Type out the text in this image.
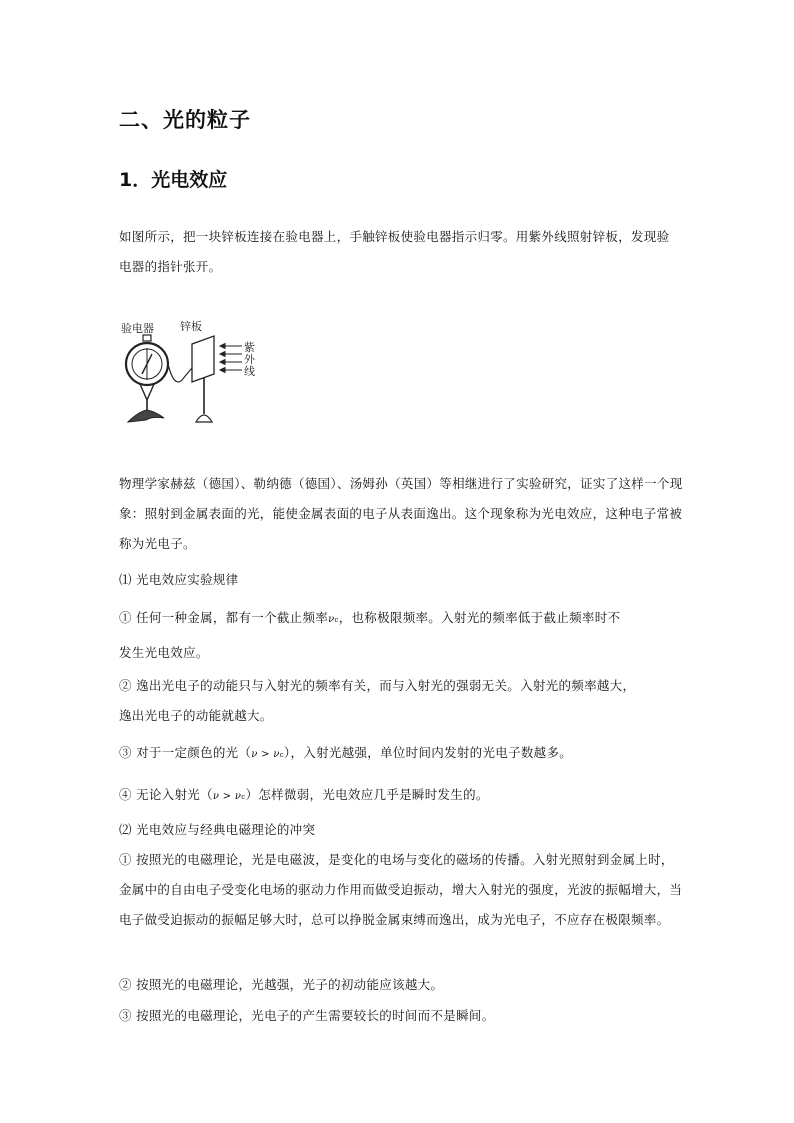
二、光的粒子
1．光电效应

如图所示，把一块锌板连接在验电器上，手触锌板使验电器指示归零。用紫外线照射锌板，发现验电器的指针张开。

验电器 锌板
紫
外
线

物理学家赫兹（德国）、勒纳德（德国）、汤姆孙（英国）等相继进行了实验研究，证实了这样一个现象：照射到金属表面的光，能使金属表面的电子从表面逸出。这个现象称为光电效应，这种电子常被称为光电子。

⑴ 光电效应实验规律

① 任何一种金属，都有一个截止频率νc，也称极限频率。入射光的频率低于截止频率时不

发生光电效应。

② 逸出光电子的动能只与入射光的频率有关，而与入射光的强弱无关。入射光的频率越大，

逸出光电子的动能就越大。

③ 对于一定颜色的光（ν > νc），入射光越强，单位时间内发射的光电子数越多。

④ 无论入射光（ν > νc）怎样微弱，光电效应几乎是瞬时发生的。

⑵ 光电效应与经典电磁理论的冲突

① 按照光的电磁理论，光是电磁波，是变化的电场与变化的磁场的传播。入射光照射到金属上时，金属中的自由电子受变化电场的驱动力作用而做受迫振动，增大入射光的强度，光波的振幅增大，当电子做受迫振动的振幅足够大时，总可以挣脱金属束缚而逸出，成为光电子，不应存在极限频率。

② 按照光的电磁理论，光越强，光子的初动能应该越大。

③ 按照光的电磁理论，光电子的产生需要较长的时间而不是瞬间。
